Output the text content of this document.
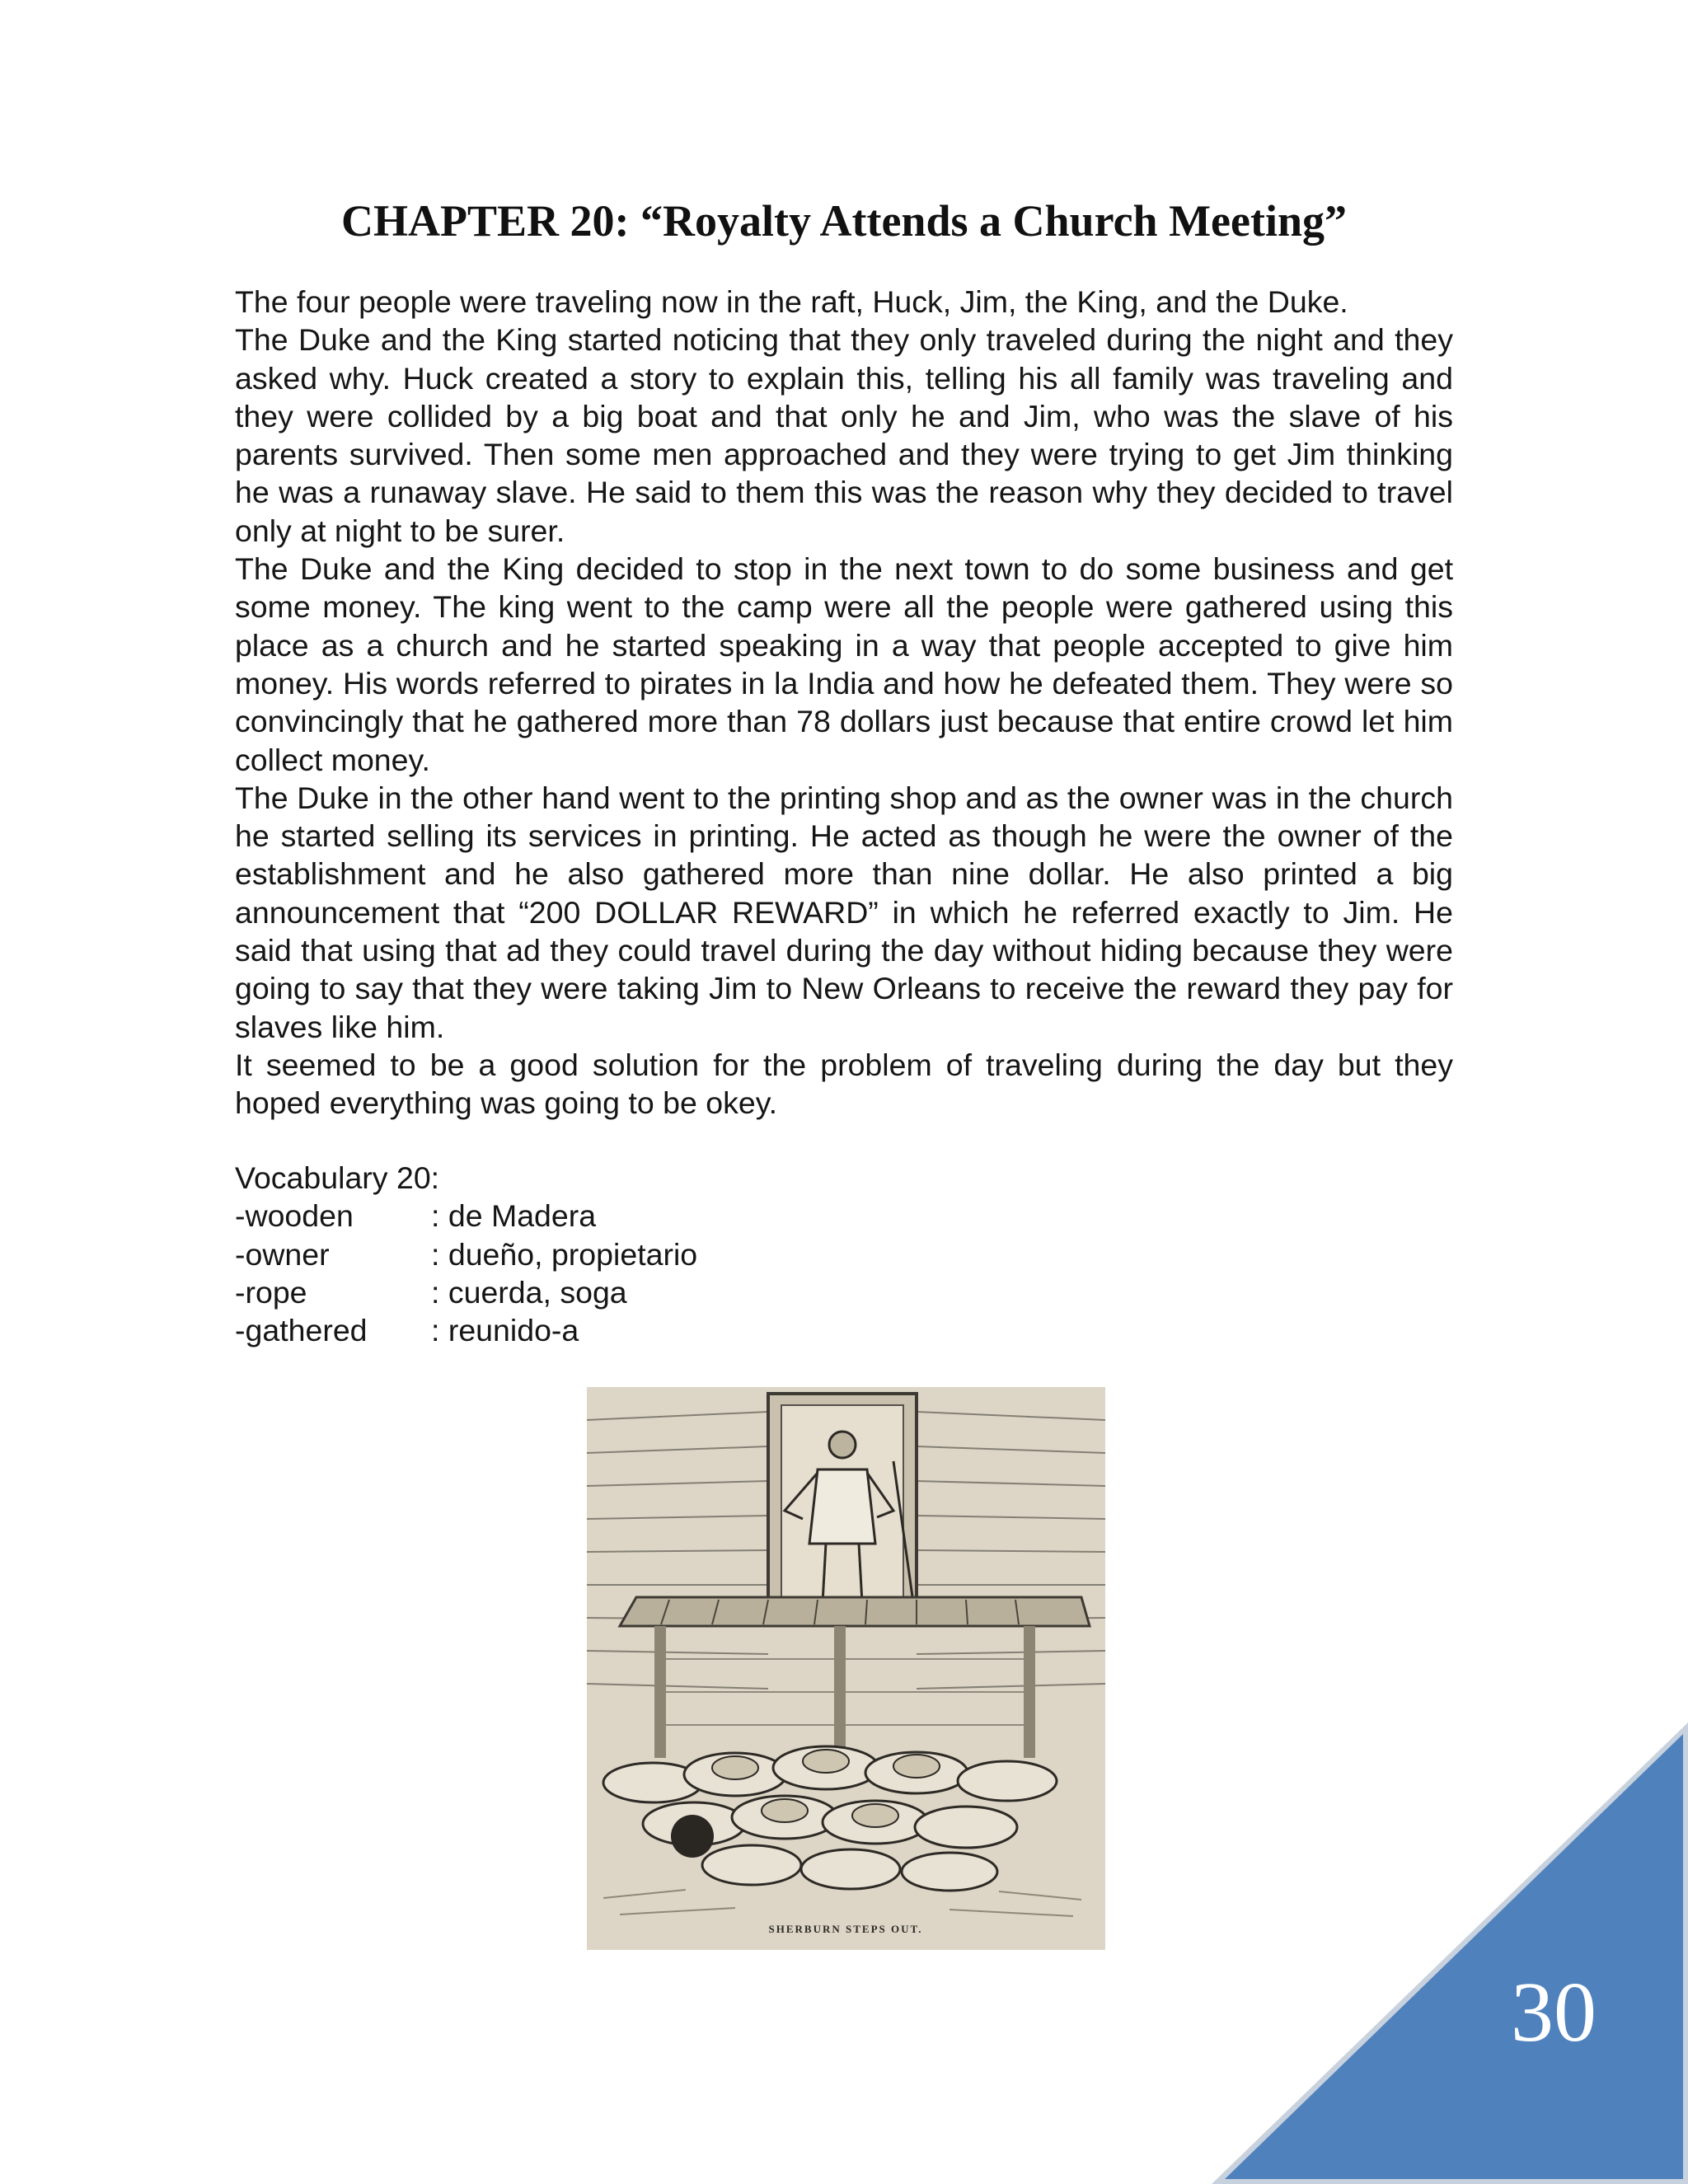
CHAPTER 20: “Royalty Attends a Church Meeting”

The four people were traveling now in the raft, Huck, Jim, the King, and the Duke.

The Duke and the King started noticing that they only traveled during the night and they asked why. Huck created a story to explain this, telling his all family was traveling and they were collided by a big boat and that only he and Jim, who was the slave of his parents survived. Then some men approached and they were trying to get Jim thinking he was a runaway slave. He said to them this was the reason why they decided to travel only at night to be surer.

The Duke and the King decided to stop in the next town to do some business and get some money. The king went to the camp were all the people were gathered using this place as a church and he started speaking in a way that people accepted to give him money. His words referred to pirates in la India and how he defeated them. They were so convincingly that he gathered more than 78 dollars just because that entire crowd let him collect money.

The Duke in the other hand went to the printing shop and as the owner was in the church he started selling its services in printing. He acted as though he were the owner of the establishment and he also gathered more than nine dollar. He also printed a big announcement that “200 DOLLAR REWARD” in which he referred exactly to Jim. He said that using that ad they could travel during the day without hiding because they were going to say that they were taking Jim to New Orleans to receive the reward they pay for slaves like him.

It seemed to be a good solution for the problem of traveling during the day but they hoped everything was going to be okey.

Vocabulary 20:

-wooden	: de Madera
-owner	: dueño, propietario
-rope	: cuerda, soga
-gathered	: reunido-a
SHERBURN STEPS OUT.
30
